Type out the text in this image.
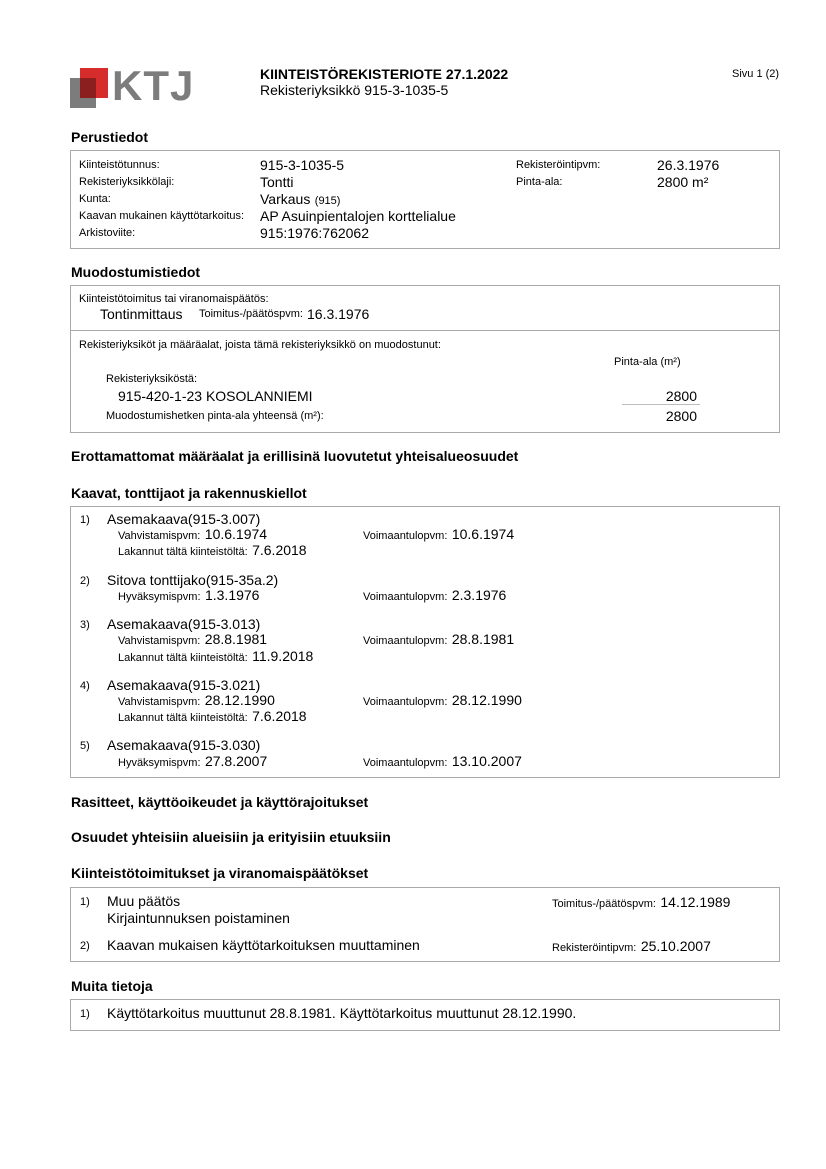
KTJ	KIINTEISTÖREKISTERIOTE 27.1.2022
Rekisteriyksikkö 915-3-1035-5
Sivu 1 (2)
Perustiedot
Kiinteistötunnus:	915-3-1035-5
Rekisteriyksikkölaji:	Tontti
Kunta:	Varkaus (915)
Kaavan mukainen käyttötarkoitus: AP Asuinpientalojen korttelialue
Arkistoviite:	915:1976:762062
Rekisteröintipvm:	26.3.1976
Pinta-ala:	2800 m²
Muodostumistiedot
Kiinteistötoimitus tai viranomaispäätös:
Tontinmittaus Toimitus-/päätöspvm: 16.3.1976
Rekisteriyksiköt ja määräalat, joista tämä rekisteriyksikkö on muodostunut:
Pinta-ala (m²)
Rekisteriyksiköstä:
915-420-1-23 KOSOLANNIEMI	2800
Muodostumishetken pinta-ala yhteensä (m²):	2800
Erottamattomat määräalat ja erillisinä luovutetut yhteisalueosuudet
Kaavat, tonttijaot ja rakennuskiellot
1) Asemakaava(915-3.007)
Vahvistamispvm: 10.6.1974	Voimaantulopvm: 10.6.1974
Lakannut tältä kiinteistöltä: 7.6.2018
2) Sitova tonttijako(915-35a.2)
Hyväksymispvm: 1.3.1976	Voimaantulopvm: 2.3.1976
3) Asemakaava(915-3.013)
Vahvistamispvm: 28.8.1981	Voimaantulopvm: 28.8.1981
Lakannut tältä kiinteistöltä: 11.9.2018
4) Asemakaava(915-3.021)
Vahvistamispvm: 28.12.1990	Voimaantulopvm: 28.12.1990
Lakannut tältä kiinteistöltä: 7.6.2018
5) Asemakaava(915-3.030)
Hyväksymispvm: 27.8.2007	Voimaantulopvm: 13.10.2007
Rasitteet, käyttöoikeudet ja käyttörajoitukset
Osuudet yhteisiin alueisiin ja erityisiin etuuksiin
Kiinteistötoimitukset ja viranomaispäätökset
1) Muu päätös
Kirjaintunnuksen poistaminen
Toimitus-/päätöspvm: 14.12.1989
2) Kaavan mukaisen käyttötarkoituksen muuttaminen	Rekisteröintipvm: 25.10.2007
Muita tietoja
1) Käyttötarkoitus muuttunut 28.8.1981. Käyttötarkoitus muuttunut 28.12.1990.
